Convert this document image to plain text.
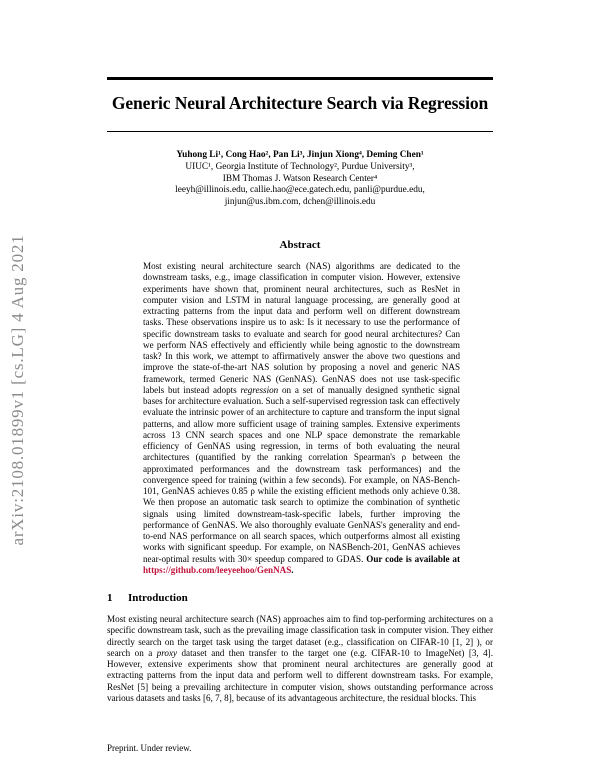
arXiv:2108.01899v1 [cs.LG] 4 Aug 2021
Generic Neural Architecture Search via Regression
Yuhong Li¹, Cong Hao², Pan Li³, Jinjun Xiong⁴, Deming Chen¹
UIUC¹, Georgia Institute of Technology², Purdue University³,
IBM Thomas J. Watson Research Center⁴
leeyh@illinois.edu, callie.hao@ece.gatech.edu, panli@purdue.edu,
jinjun@us.ibm.com, dchen@illinois.edu
Abstract

Most existing neural architecture search (NAS) algorithms are dedicated to the downstream tasks, e.g., image classification in computer vision. However, extensive experiments have shown that, prominent neural architectures, such as ResNet in computer vision and LSTM in natural language processing, are generally good at extracting patterns from the input data and perform well on different downstream tasks. These observations inspire us to ask: Is it necessary to use the performance of specific downstream tasks to evaluate and search for good neural architectures? Can we perform NAS effectively and efficiently while being agnostic to the downstream task? In this work, we attempt to affirmatively answer the above two questions and improve the state-of-the-art NAS solution by proposing a novel and generic NAS framework, termed Generic NAS (GenNAS). GenNAS does not use task-specific labels but instead adopts regression on a set of manually designed synthetic signal bases for architecture evaluation. Such a self-supervised regression task can effectively evaluate the intrinsic power of an architecture to capture and transform the input signal patterns, and allow more sufficient usage of training samples. Extensive experiments across 13 CNN search spaces and one NLP space demonstrate the remarkable efficiency of GenNAS using regression, in terms of both evaluating the neural architectures (quantified by the ranking correlation Spearman's ρ between the approximated performances and the downstream task performances) and the convergence speed for training (within a few seconds). For example, on NAS-Bench-101, GenNAS achieves 0.85 ρ while the existing efficient methods only achieve 0.38. We then propose an automatic task search to optimize the combination of synthetic signals using limited downstream-task-specific labels, further improving the performance of GenNAS. We also thoroughly evaluate GenNAS's generality and end-to-end NAS performance on all search spaces, which outperforms almost all existing works with significant speedup. For example, on NASBench-201, GenNAS achieves near-optimal results with 30× speedup compared to GDAS. Our code is available at https://github.com/leeyeehoo/GenNAS.

1 Introduction

Most existing neural architecture search (NAS) approaches aim to find top-performing architectures on a specific downstream task, such as the prevailing image classification task in computer vision. They either directly search on the target task using the target dataset (e.g., classification on CIFAR-10 [1, 2] ), or search on a proxy dataset and then transfer to the target one (e.g. CIFAR-10 to ImageNet) [3, 4]. However, extensive experiments show that prominent neural architectures are generally good at extracting patterns from the input data and perform well to different downstream tasks. For example, ResNet [5] being a prevailing architecture in computer vision, shows outstanding performance across various datasets and tasks [6, 7, 8], because of its advantageous architecture, the residual blocks. This

Preprint. Under review.
